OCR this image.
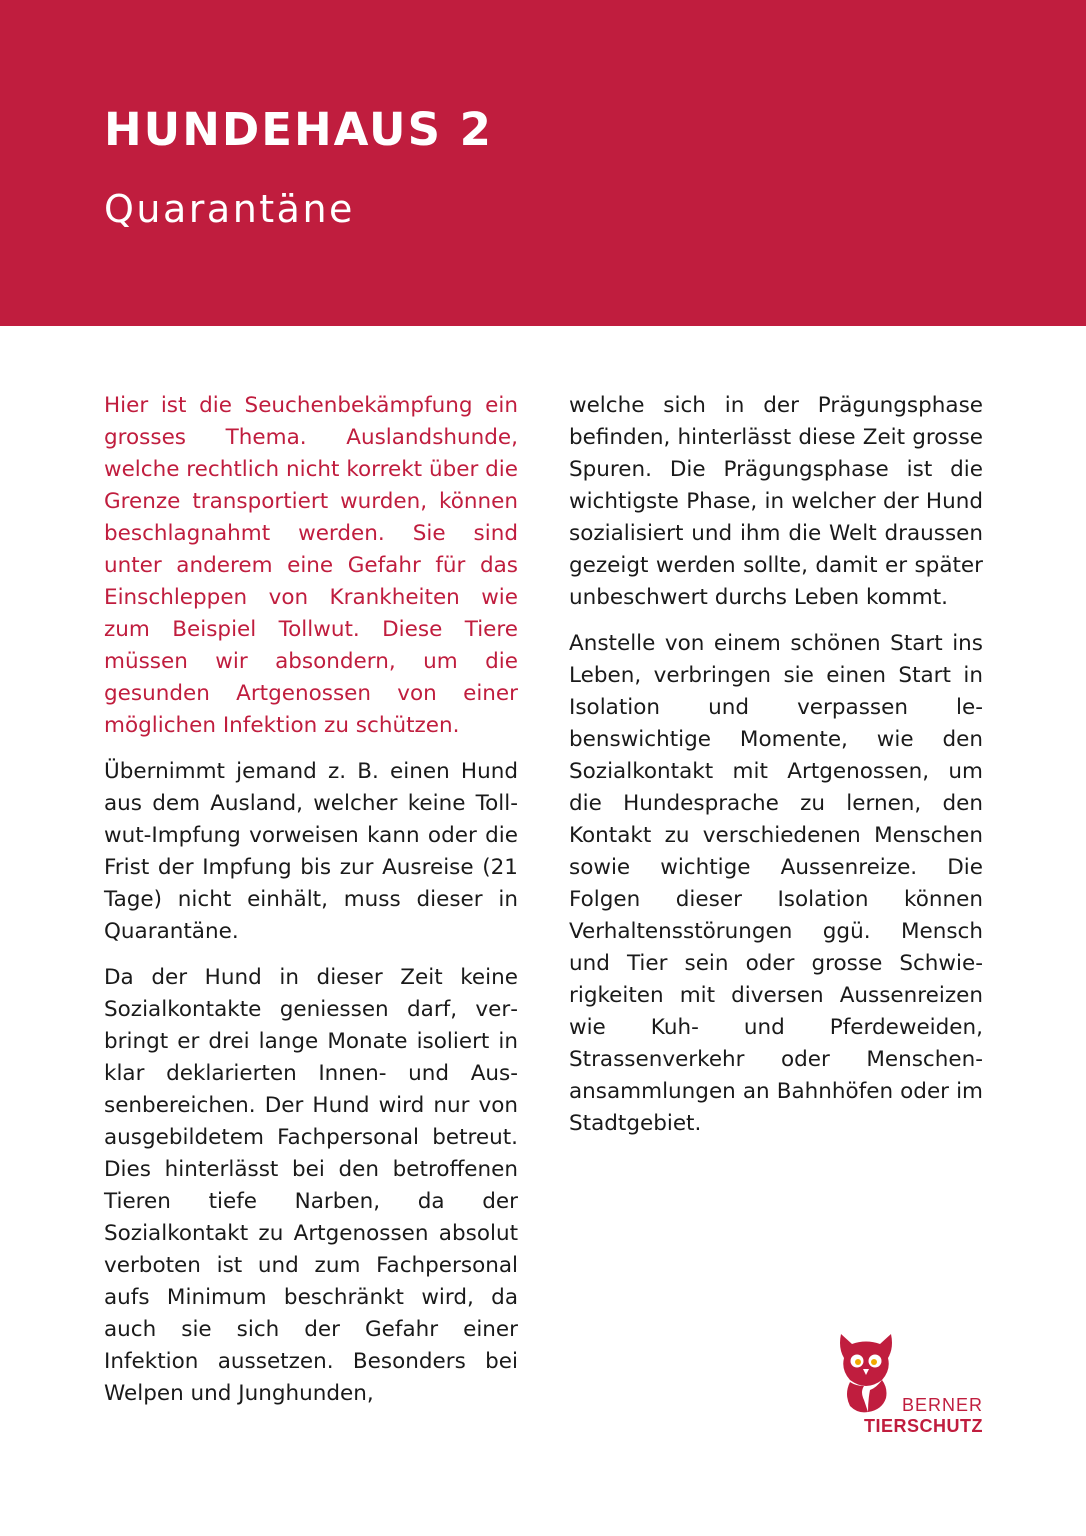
HUNDEHAUS 2
Quarantäne

Hier ist die Seuchenbekämpfung ein grosses Thema. Auslandshunde, welche rechtlich nicht korrekt über die Grenze transportiert wurden, können beschlagnahmt werden. Sie sind unter anderem eine Gefahr für das Einschleppen von Krankheiten wie zum Beispiel Tollwut. Diese Tiere müssen wir absondern, um die gesunden Artgenossen von einer möglichen Infektion zu schützen.

Übernimmt jemand z. B. einen Hund aus dem Ausland, welcher keine Tollwut-Impfung vorweisen kann oder die Frist der Impfung bis zur Ausreise (21 Tage) nicht einhält, muss dieser in Quarantäne.

Da der Hund in dieser Zeit keine Sozialkontakte geniessen darf, verbringt er drei lange Monate isoliert in klar deklarierten Innen- und Aussenbereichen. Der Hund wird nur von ausgebildetem Fachpersonal betreut. Dies hinterlässt bei den betroffenen Tieren tiefe Narben, da der Sozialkontakt zu Artgenossen absolut verboten ist und zum Fachpersonal aufs Minimum beschränkt wird, da auch sie sich der Gefahr einer Infektion aussetzen. Besonders bei Welpen und Junghunden,

welche sich in der Prägungsphase befinden, hinterlässt diese Zeit grosse Spuren. Die Prägungsphase ist die wichtigste Phase, in welcher der Hund sozialisiert und ihm die Welt draussen gezeigt werden sollte, damit er später unbeschwert durchs Leben kommt.

Anstelle von einem schönen Start ins Leben, verbringen sie einen Start in Isolation und verpassen lebenswichtige Momente, wie den Sozialkontakt mit Artgenossen, um die Hundesprache zu lernen, den Kontakt zu verschiedenen Menschen sowie wichtige Aussenreize. Die Folgen dieser Isolation können Verhaltensstörungen ggü. Mensch und Tier sein oder grosse Schwierigkeiten mit diversen Aussenreizen wie Kuh- und Pferdeweiden, Strassenverkehr oder Menschenansammlungen an Bahnhöfen oder im Stadtgebiet.

BERNER
TIERSCHUTZ
